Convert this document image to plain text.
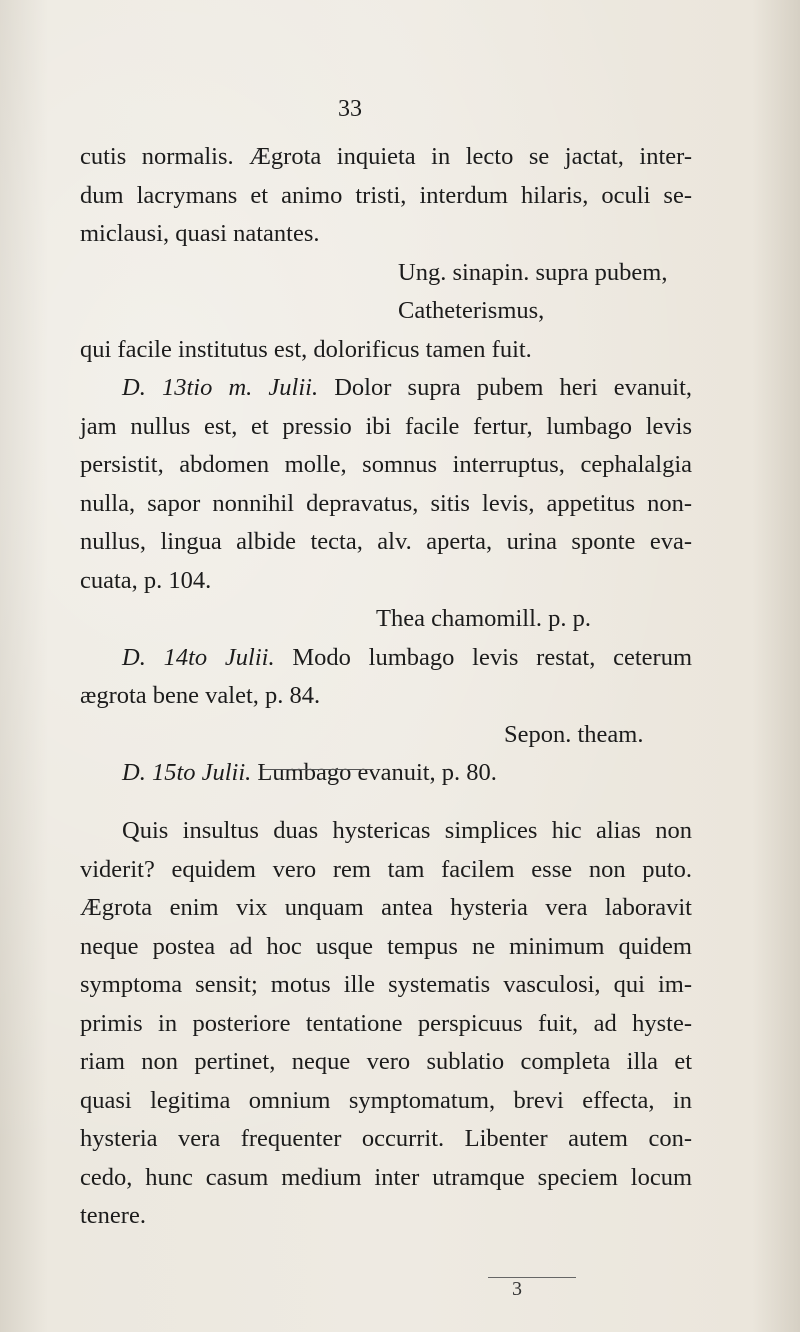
33
cutis normalis. Ægrota inquieta in lecto se jactat, inter-
dum lacrymans et animo tristi, interdum hilaris, oculi se-
miclausi, quasi natantes.
Ung. sinapin. supra pubem,
Catheterismus,
qui facile institutus est, dolorificus tamen fuit.
D. 13tio m. Julii. Dolor supra pubem heri evanuit,
jam nullus est, et pressio ibi facile fertur, lumbago levis
persistit, abdomen molle, somnus interruptus, cephalalgia
nulla, sapor nonnihil depravatus, sitis levis, appetitus non-
nullus, lingua albide tecta, alv. aperta, urina sponte eva-
cuata, p. 104.
Thea chamomill. p. p.
D. 14to Julii. Modo lumbago levis restat, ceterum
ægrota bene valet, p. 84.
Sepon. theam.
D. 15to Julii. Lumbago evanuit, p. 80.
Quis insultus duas hystericas simplices hic alias non
viderit? equidem vero rem tam facilem esse non puto.
Ægrota enim vix unquam antea hysteria vera laboravit
neque postea ad hoc usque tempus ne minimum quidem
symptoma sensit; motus ille systematis vasculosi, qui im-
primis in posteriore tentatione perspicuus fuit, ad hyste-
riam non pertinet, neque vero sublatio completa illa et
quasi legitima omnium symptomatum, brevi effecta, in
hysteria vera frequenter occurrit. Libenter autem con-
cedo, hunc casum medium inter utramque speciem locum
tenere.
3
